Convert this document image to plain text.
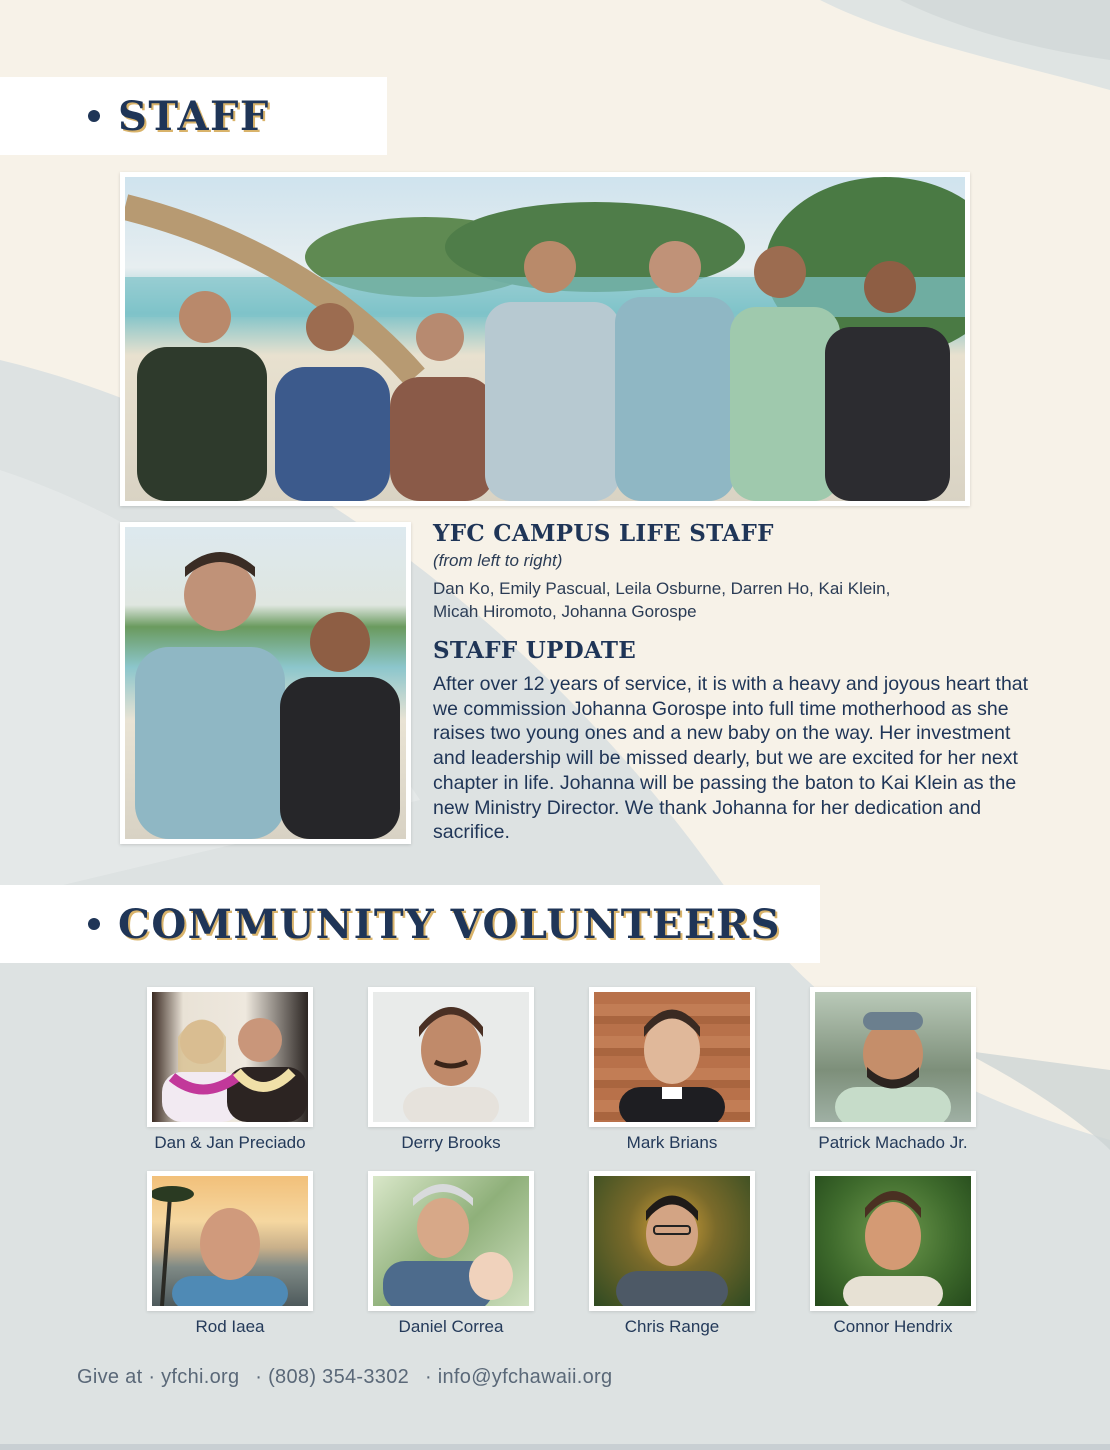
STAFF
YFC CAMPUS LIFE STAFF
(from left to right)
Dan Ko, Emily Pascual, Leila Osburne, Darren Ho, Kai Klein,
Micah Hiromoto, Johanna Gorospe
STAFF UPDATE
After over 12 years of service, it is with a heavy and joyous heart that we commission Johanna Gorospe into full time motherhood as she raises two young ones and a new baby on the way. Her investment and leadership will be missed dearly, but we are excited for her next chapter in life. Johanna will be passing the baton to Kai Klein as the new Ministry Director. We thank Johanna for her dedication and sacrifice.
COMMUNITY VOLUNTEERS
Dan & Jan Preciado	Derry Brooks	Mark Brians	Patrick Machado Jr.
Rod Iaea	Daniel Correa	Chris Range	Connor Hendrix
Give at · yfchi.org · (808) 354-3302 · info@yfchawaii.org
